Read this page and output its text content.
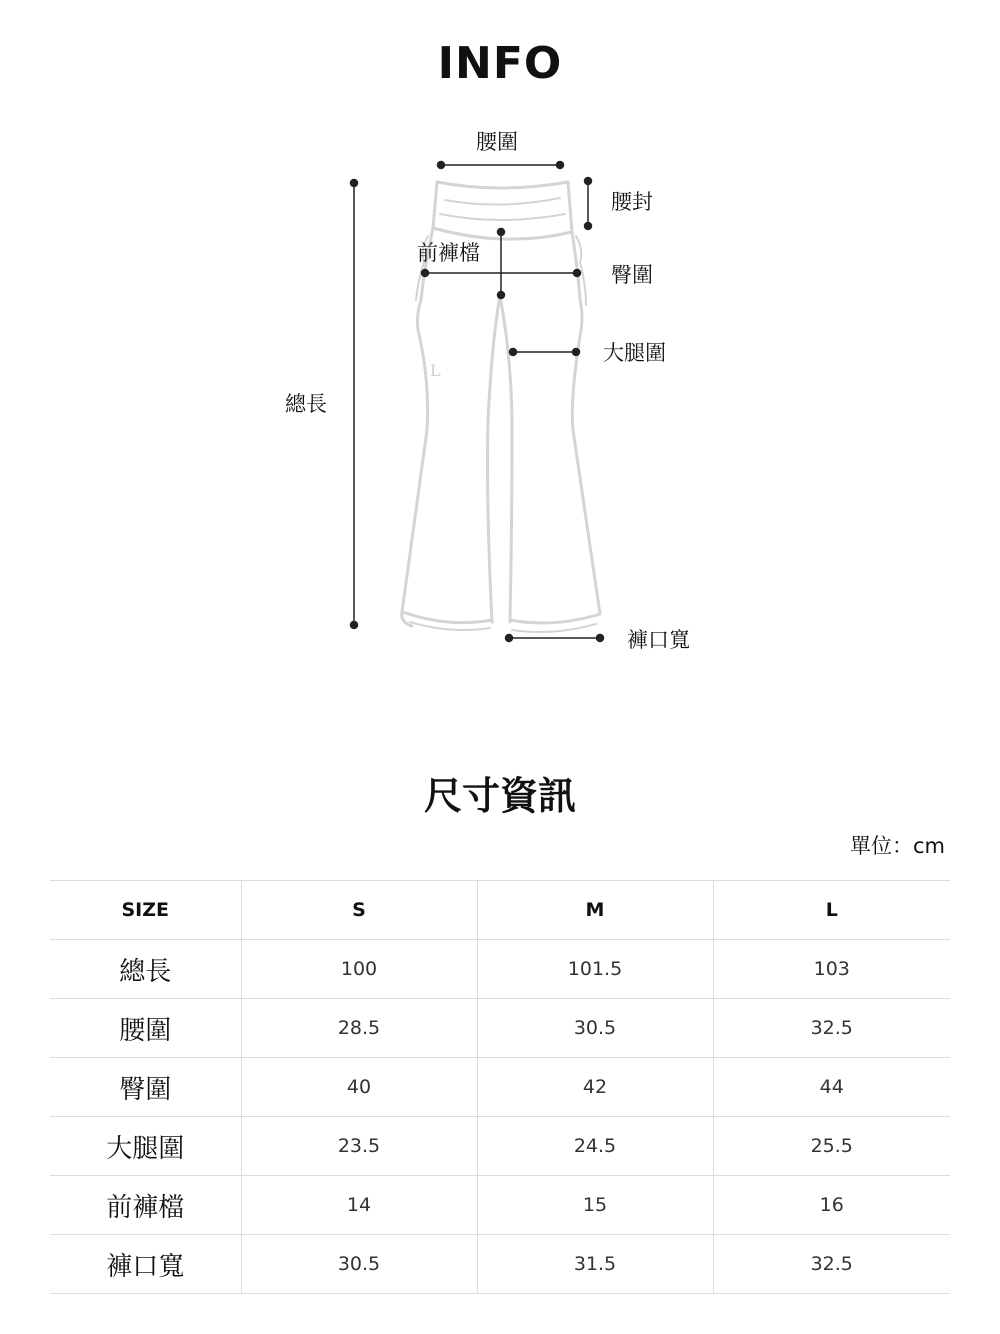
INFO
L
腰圍
腰封
前褲檔
臀圍
大腿圍
總長
褲口寬
尺寸資訊
單位：cm
SIZE	S	M	L
總長	100	101.5	103
腰圍	28.5	30.5	32.5
臀圍	40	42	44
大腿圍	23.5	24.5	25.5
前褲檔	14	15	16
褲口寬	30.5	31.5	32.5
